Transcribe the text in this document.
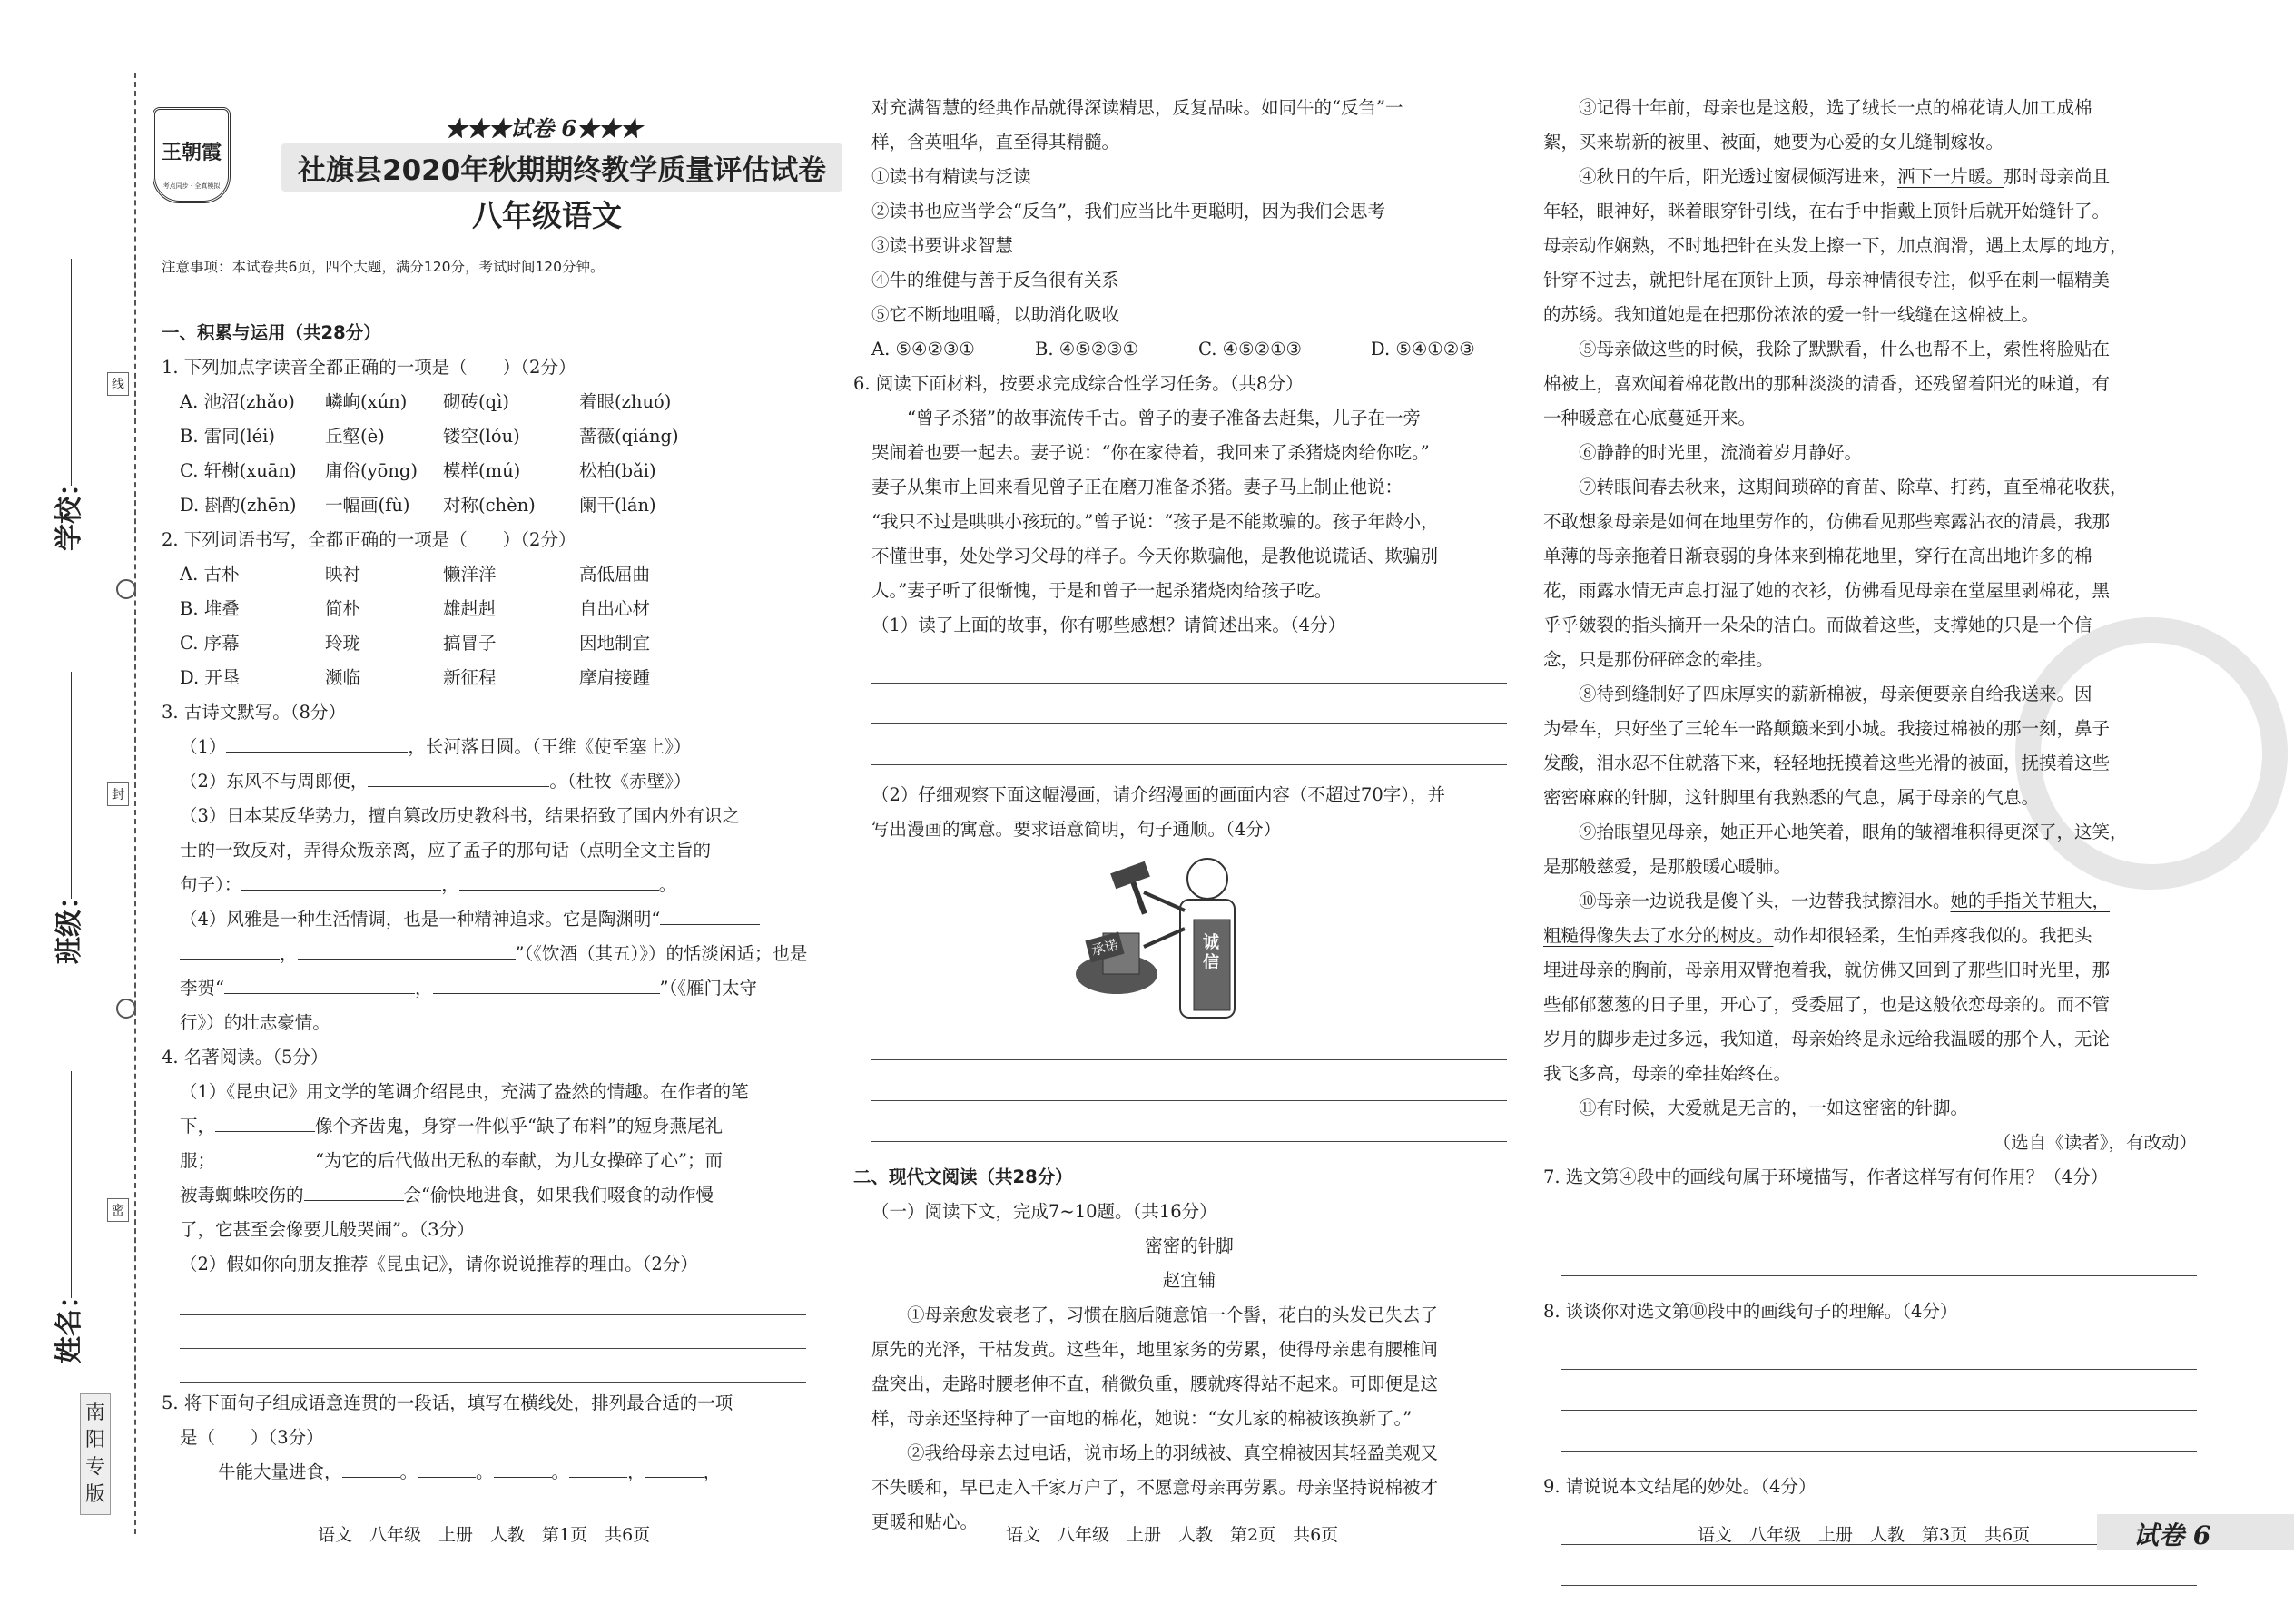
线
封
密
学校：
班级：
姓名：
南阳专版
王朝霞
考点同步 · 全真模拟
★★★试卷 6★★★
社旗县2020年秋期期终教学质量评估试卷
八年级语文
注意事项：本试卷共6页，四个大题，满分120分，考试时间120分钟。
一、积累与运用（共28分）
1. 下列加点字读音全都正确的一项是（　　）（2分）
A. 池沼(zhǎo)	嶙峋(xún)	砌砖(qì)	着眼(zhuó)
B. 雷同(léi)	丘壑(è)	镂空(lóu)	蔷薇(qiáng)
C. 轩榭(xuān)	庸俗(yōng)	模样(mú)	松柏(bǎi)
D. 斟酌(zhēn)	一幅画(fù)	对称(chèn)	阑干(lán)
2. 下列词语书写，全都正确的一项是（　　）（2分）
A. 古朴	映衬	懒洋洋	高低屈曲
B. 堆叠	简朴	雄赳赳	自出心材
C. 序幕	玲珑	搞冒子	因地制宜
D. 开垦	濒临	新征程	摩肩接踵
3. 古诗文默写。（8分）
（1）	，长河落日圆。（王维《使至塞上》）
（2）东风不与周郎便，	。（杜牧《赤壁》）
（3）日本某反华势力，擅自篡改历史教科书，结果招致了国内外有识之
士的一致反对，弄得众叛亲离，应了孟子的那句话（点明全文主旨的
句子）：	，	。
（4）风雅是一种生活情调，也是一种精神追求。它是陶渊明“
，	”（《饮酒（其五）》）的恬淡闲适；也是
李贺“	，	”（《雁门太守
行》）的壮志豪情。
4. 名著阅读。（5分）
（1）《昆虫记》用文学的笔调介绍昆虫，充满了盎然的情趣。在作者的笔
下，	像个齐齿鬼，身穿一件似乎“缺了布料”的短身燕尾礼
服；	“为它的后代做出无私的奉献，为儿女操碎了心”；而
被毒蜘蛛咬伤的	会“偷快地进食，如果我们啜食的动作慢
了，它甚至会像要儿般哭闹”。（3分）
（2）假如你向朋友推荐《昆虫记》，请你说说推荐的理由。（2分）
5. 将下面句子组成语意连贯的一段话，填写在横线处，排列最合适的一项
是（　　）（3分）
牛能大量进食，	。	。	。	，	，
语文　八年级　上册　人教　第1页　共6页
对充满智慧的经典作品就得深读精思，反复品味。如同牛的“反刍”一
样，含英咀华，直至得其精髓。
①读书有精读与泛读
②读书也应当学会“反刍”，我们应当比牛更聪明，因为我们会思考
③读书要讲求智慧
④牛的维健与善于反刍很有关系
⑤它不断地咀嚼，以助消化吸收
A. ⑤④②③①	B. ④⑤②③①	C. ④⑤②①③	D. ⑤④①②③
6. 阅读下面材料，按要求完成综合性学习任务。（共8分）
“曾子杀猪”的故事流传千古。曾子的妻子准备去赶集，儿子在一旁
哭闹着也要一起去。妻子说：“你在家待着，我回来了杀猪烧肉给你吃。”
妻子从集市上回来看见曾子正在磨刀准备杀猪。妻子马上制止他说：
“我只不过是哄哄小孩玩的。”曾子说：“孩子是不能欺骗的。孩子年龄小，
不懂世事，处处学习父母的样子。今天你欺骗他，是教他说谎话、欺骗别
人。”妻子听了很惭愧，于是和曾子一起杀猪烧肉给孩子吃。
（1）读了上面的故事，你有哪些感想？请简述出来。（4分）
（2）仔细观察下面这幅漫画，请介绍漫画的画面内容（不超过70字），并
写出漫画的寓意。要求语意简明，句子通顺。（4分）
承诺	诚信
二、现代文阅读（共28分）
（一）阅读下文，完成7~10题。（共16分）
密密的针脚
赵宜辅
①母亲愈发衰老了，习惯在脑后随意馆一个髻，花白的头发已失去了
原先的光泽，干枯发黄。这些年，地里家务的劳累，使得母亲患有腰椎间
盘突出，走路时腰老伸不直，稍微负重，腰就疼得站不起来。可即便是这
样，母亲还坚持种了一亩地的棉花，她说：“女儿家的棉被该换新了。”
②我给母亲去过电话，说市场上的羽绒被、真空棉被因其轻盈美观又
不失暖和，早已走入千家万户了，不愿意母亲再劳累。母亲坚持说棉被才
更暖和贴心。
语文　八年级　上册　人教　第2页　共6页
③记得十年前，母亲也是这般，选了绒长一点的棉花请人加工成棉
絮，买来崭新的被里、被面，她要为心爱的女儿缝制嫁妆。
④秋日的午后，阳光透过窗棂倾泻进来，洒下一片暖。那时母亲尚且
年轻，眼神好，眯着眼穿针引线，在右手中指戴上顶针后就开始缝针了。
母亲动作娴熟，不时地把针在头发上擦一下，加点润滑，遇上太厚的地方，
针穿不过去，就把针尾在顶针上顶，母亲神情很专注，似乎在刺一幅精美
的苏绣。我知道她是在把那份浓浓的爱一针一线缝在这棉被上。
⑤母亲做这些的时候，我除了默默看，什么也帮不上，索性将脸贴在
棉被上，喜欢闻着棉花散出的那种淡淡的清香，还残留着阳光的味道，有
一种暖意在心底蔓延开来。
⑥静静的时光里，流淌着岁月静好。
⑦转眼间春去秋来，这期间琐碎的育苗、除草、打药，直至棉花收获，
不敢想象母亲是如何在地里劳作的，仿佛看见那些寒露沾衣的清晨，我那
单薄的母亲拖着日渐衰弱的身体来到棉花地里，穿行在高出地许多的棉
花，雨露水情无声息打湿了她的衣衫，仿佛看见母亲在堂屋里剥棉花，黑
乎乎皴裂的指头摘开一朵朵的洁白。而做着这些，支撑她的只是一个信
念，只是那份砰碎念的牵挂。
⑧待到缝制好了四床厚实的薪新棉被，母亲便要亲自给我送来。因
为晕车，只好坐了三轮车一路颠簸来到小城。我接过棉被的那一刻，鼻子
发酸，泪水忍不住就落下来，轻轻地抚摸着这些光滑的被面，抚摸着这些
密密麻麻的针脚，这针脚里有我熟悉的气息，属于母亲的气息。
⑨抬眼望见母亲，她正开心地笑着，眼角的皱褶堆积得更深了，这笑，
是那般慈爱，是那般暖心暖肺。
⑩母亲一边说我是傻丫头，一边替我拭擦泪水。她的手指关节粗大，
粗糙得像失去了水分的树皮。动作却很轻柔，生怕弄疼我似的。我把头
埋进母亲的胸前，母亲用双臂抱着我，就仿佛又回到了那些旧时光里，那
些郁郁葱葱的日子里，开心了，受委屈了，也是这般依恋母亲的。而不管
岁月的脚步走过多远，我知道，母亲始终是永远给我温暖的那个人，无论
我飞多高，母亲的牵挂始终在。
⑪有时候，大爱就是无言的，一如这密密的针脚。
（选自《读者》，有改动）
7. 选文第④段中的画线句属于环境描写，作者这样写有何作用？（4分）
8. 谈谈你对选文第⑩段中的画线句子的理解。（4分）
9. 请说说本文结尾的妙处。（4分）
语文　八年级　上册　人教　第3页　共6页	试卷 6
